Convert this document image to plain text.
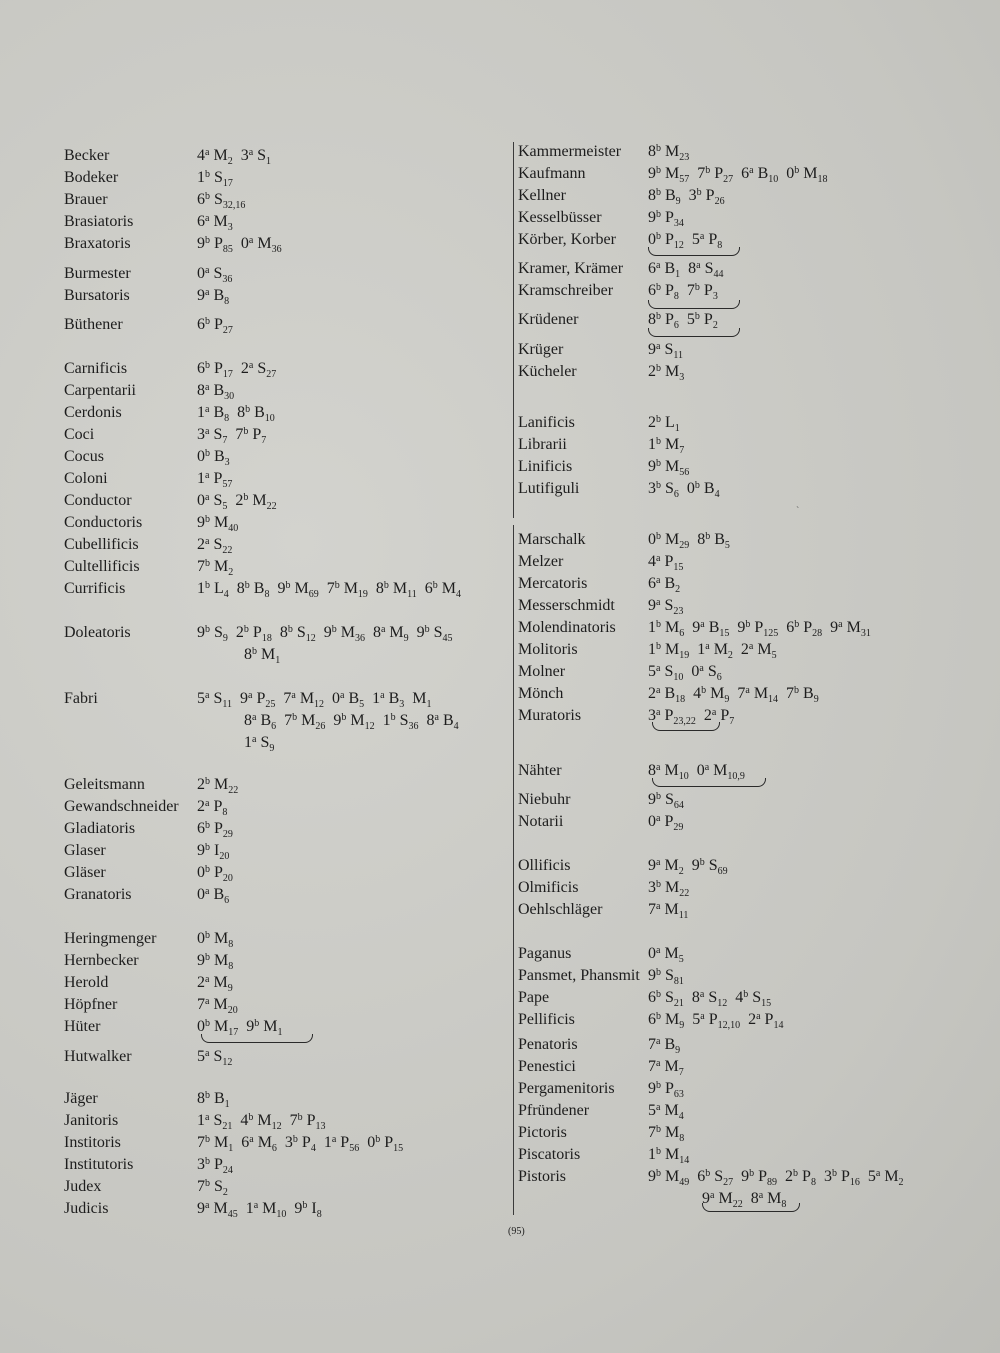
Becker	4$^a$ $M_2$ 3$^a$ $S_1$
Bodeker	1$^b$ $S_{17}$
Brauer	6$^b$ $S_{32,16}$
Brasiatoris	6$^a$ $M_3$
Braxatoris	9$^b$ $P_{85}$ 0$^a$ $M_{36}$
Burmester	0$^a$ $S_{36}$
Bursatoris	9$^a$ $B_8$
Büthener	6$^b$ $P_{27}$
Carnificis	6$^b$ $P_{17}$ 2$^a$ $S_{27}$
Carpentarii	8$^a$ $B_{30}$
Cerdonis	1$^a$ $B_8$ 8$^b$ $B_{10}$
Coci	3$^a$ $S_7$ 7$^b$ $P_7$
Cocus	0$^b$ $B_3$
Coloni	1$^a$ $P_{57}$
Conductor	0$^a$ $S_5$ 2$^b$ $M_{22}$
Conductoris	9$^b$ $M_{40}$
Cubellificis	2$^a$ $S_{22}$
Cultellificis	7$^b$ $M_2$
Currificis	1$^b$ $L_4$ 8$^b$ $B_8$ 9$^b$ $M_{69}$ 7$^b$ $M_{19}$ 8$^b$ $M_{11}$ 6$^b$ $M_4$
Doleatoris	9$^b$ $S_9$ 2$^b$ $P_{18}$ 8$^b$ $S_{12}$ 9$^b$ $M_{36}$ 8$^a$ $M_9$ 9$^b$ $S_{45}$
8$^b$ $M_1$
Fabri	5$^a$ $S_{11}$ 9$^a$ $P_{25}$ 7$^a$ $M_{12}$ 0$^a$ $B_5$ 1$^a$ $B_3$ $M_1$
8$^a$ $B_6$ 7$^b$ $M_{26}$ 9$^b$ $M_{12}$ 1$^b$ $S_{36}$ 8$^a$ $B_4$
1$^a$ $S_9$
Geleitsmann	2$^b$ $M_{22}$
Gewandschneider 2$^a$ $P_8$
Gladiatoris	6$^b$ $P_{29}$
Glaser	9$^b$ $I_{20}$
Gläser	0$^b$ $P_{20}$
Granatoris	0$^a$ $B_6$
Heringmenger	0$^b$ $M_8$
Hernbecker	9$^b$ $M_8$
Herold	2$^a$ $M_9$
Höpfner	7$^a$ $M_{20}$
Hüter	0$^b$ $M_{17}$ 9$^b$ $M_1$
Hutwalker	5$^a$ $S_{12}$
Jäger	8$^b$ $B_1$
Janitoris	1$^a$ $S_{21}$ 4$^b$ $M_{12}$ 7$^b$ $P_{13}$
Institoris	7$^b$ $M_1$ 6$^a$ $M_6$ 3$^b$ $P_4$ 1$^a$ $P_{56}$ 0$^b$ $P_{15}$
Institutoris	3$^b$ $P_{24}$
Judex	7$^b$ $S_2$
Judicis	9$^a$ $M_{45}$ 1$^a$ $M_{10}$ 9$^b$ $I_8$
Kammermeister 8$^b$ $M_{23}$
Kaufmann	9$^b$ $M_{57}$ 7$^b$ $P_{27}$ 6$^a$ $B_{10}$ 0$^b$ $M_{18}$
Kellner	8$^b$ $B_9$ 3$^b$ $P_{26}$
Kesselbüsser	9$^b$ $P_{34}$
Körber, Korber 0$^b$ $P_{12}$ 5$^a$ $P_8$
Kramer, Krämer 6$^a$ $B_1$ 8$^a$ $S_{44}$
Kramschreiber 6$^b$ $P_8$ 7$^b$ $P_3$
Krüdener	8$^b$ $P_6$ 5$^b$ $P_2$
Krüger	9$^a$ $S_{11}$
Kücheler	2$^b$ $M_3$
Lanificis	2$^b$ $L_1$
Librarii	1$^b$ $M_7$
Linificis	9$^b$ $M_{56}$
Lutifiguli	3$^b$ $S_6$ 0$^b$ $B_4$
Marschalk	0$^b$ $M_{29}$ 8$^b$ $B_5$
Melzer	4$^a$ $P_{15}$
Mercatoris	6$^a$ $B_2$
Messerschmidt 9$^a$ $S_{23}$
Molendinatoris 1$^b$ $M_6$ 9$^a$ $B_{15}$ 9$^b$ $P_{125}$ 6$^b$ $P_{28}$ 9$^a$ $M_{31}$
Molitoris	1$^b$ $M_{19}$ 1$^a$ $M_2$ 2$^a$ $M_5$
Molner	5$^a$ $S_{10}$ 0$^a$ $S_6$
Mönch	2$^a$ $B_{18}$ 4$^b$ $M_9$ 7$^a$ $M_{14}$ 7$^b$ $B_9$
Muratoris	3$^a$ $P_{23,22}$ 2$^a$ $P_7$
Nähter	8$^a$ $M_{10}$ 0$^a$ $M_{10,9}$
Niebuhr	9$^b$ $S_{64}$
Notarii	0$^a$ $P_{29}$
Ollificis	9$^a$ $M_2$ 9$^b$ $S_{69}$
Olmificis	3$^b$ $M_{22}$
Oehlschläger	7$^a$ $M_{11}$
Paganus	0$^a$ $M_5$
Pansmet, Phansmit 9$^b$ $S_{81}$
Pape	6$^b$ $S_{21}$ 8$^a$ $S_{12}$ 4$^b$ $S_{15}$
Pellificis	6$^b$ $M_9$ 5$^a$ $P_{12,10}$ 2$^a$ $P_{14}$
Penatoris	7$^a$ $B_9$
Penestici	7$^a$ $M_7$
Pergamenitoris 9$^b$ $P_{63}$
Pfründener	5$^a$ $M_4$
Pictoris	7$^b$ $M_8$
Piscatoris	1$^b$ $M_{14}$
Pistoris	9$^b$ $M_{49}$ 6$^b$ $S_{27}$ 9$^b$ $P_{89}$ 2$^b$ $P_8$ 3$^b$ $P_{16}$ 5$^a$ $M_2$
9$^a$ $M_{22}$ 8$^a$ $M_8$
ˋ
(95)
